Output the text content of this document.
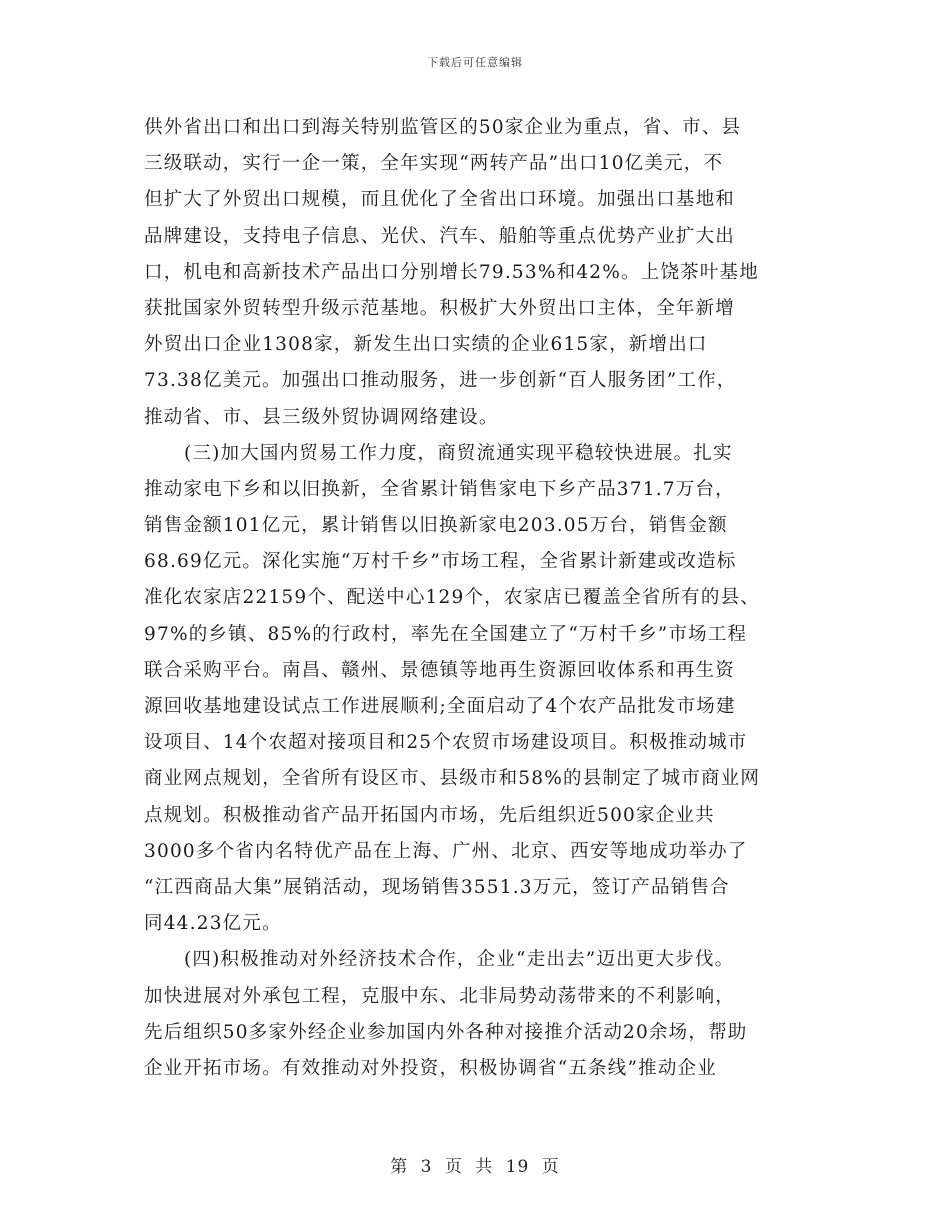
下载后可任意编辑

供外省出口和出口到海关特别监管区的50家企业为重点，省、市、县
三级联动，实行一企一策，全年实现“两转产品”出口10亿美元，不
但扩大了外贸出口规模，而且优化了全省出口环境。加强出口基地和
品牌建设，支持电子信息、光伏、汽车、船舶等重点优势产业扩大出
口，机电和高新技术产品出口分别增长79.53%和42%。上饶茶叶基地
获批国家外贸转型升级示范基地。积极扩大外贸出口主体，全年新增
外贸出口企业1308家，新发生出口实绩的企业615家，新增出口
73.38亿美元。加强出口推动服务，进一步创新“百人服务团”工作，
推动省、市、县三级外贸协调网络建设。

(三)加大国内贸易工作力度，商贸流通实现平稳较快进展。扎实
推动家电下乡和以旧换新，全省累计销售家电下乡产品371.7万台，
销售金额101亿元，累计销售以旧换新家电203.05万台，销售金额
68.69亿元。深化实施“万村千乡”市场工程，全省累计新建或改造标
准化农家店22159个、配送中心129个，农家店已覆盖全省所有的县、
97%的乡镇、85%的行政村，率先在全国建立了“万村千乡”市场工程
联合采购平台。南昌、赣州、景德镇等地再生资源回收体系和再生资
源回收基地建设试点工作进展顺利;全面启动了4个农产品批发市场建
设项目、14个农超对接项目和25个农贸市场建设项目。积极推动城市
商业网点规划，全省所有设区市、县级市和58%的县制定了城市商业网
点规划。积极推动省产品开拓国内市场，先后组织近500家企业共
3000多个省内名特优产品在上海、广州、北京、西安等地成功举办了
“江西商品大集”展销活动，现场销售3551.3万元，签订产品销售合
同44.23亿元。

(四)积极推动对外经济技术合作，企业“走出去”迈出更大步伐。
加快进展对外承包工程，克服中东、北非局势动荡带来的不利影响，
先后组织50多家外经企业参加国内外各种对接推介活动20余场，帮助
企业开拓市场。有效推动对外投资，积极协调省“五条线”推动企业

第 3 页 共 19 页
